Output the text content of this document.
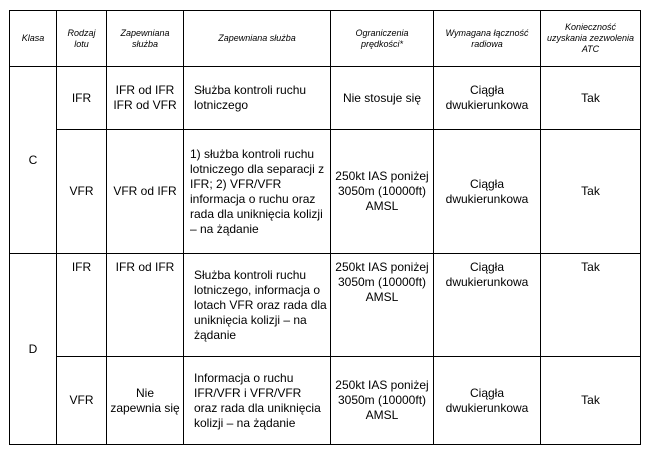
Klasa	Rodzaj lotu	Zapewniana służba	Zapewniana służba	Ograniczenia prędkości*	Wymagana łączność radiowa	Konieczność uzyskania zezwolenia ATC
C	IFR	IFR od IFR IFR od VFR	Służba kontroli ruchu lotniczego	Nie stosuje się	Ciągła dwukierunkowa	Tak
	VFR	VFR od IFR	1) służba kontroli ruchu lotniczego dla separacji z IFR; 2) VFR/VFR informacja o ruchu oraz rada dla uniknięcia kolizji – na żądanie	250kt IAS poniżej 3050m (10000ft) AMSL	Ciągła dwukierunkowa	Tak
D	IFR	IFR od IFR	Służba kontroli ruchu lotniczego, informacja o lotach VFR oraz rada dla uniknięcia kolizji – na żądanie	250kt IAS poniżej 3050m (10000ft) AMSL	Ciągła dwukierunkowa	Tak
	VFR	Nie zapewnia się	Informacja o ruchu IFR/VFR i VFR/VFR oraz rada dla uniknięcia kolizji – na żądanie	250kt IAS poniżej 3050m (10000ft) AMSL	Ciągła dwukierunkowa	Tak
